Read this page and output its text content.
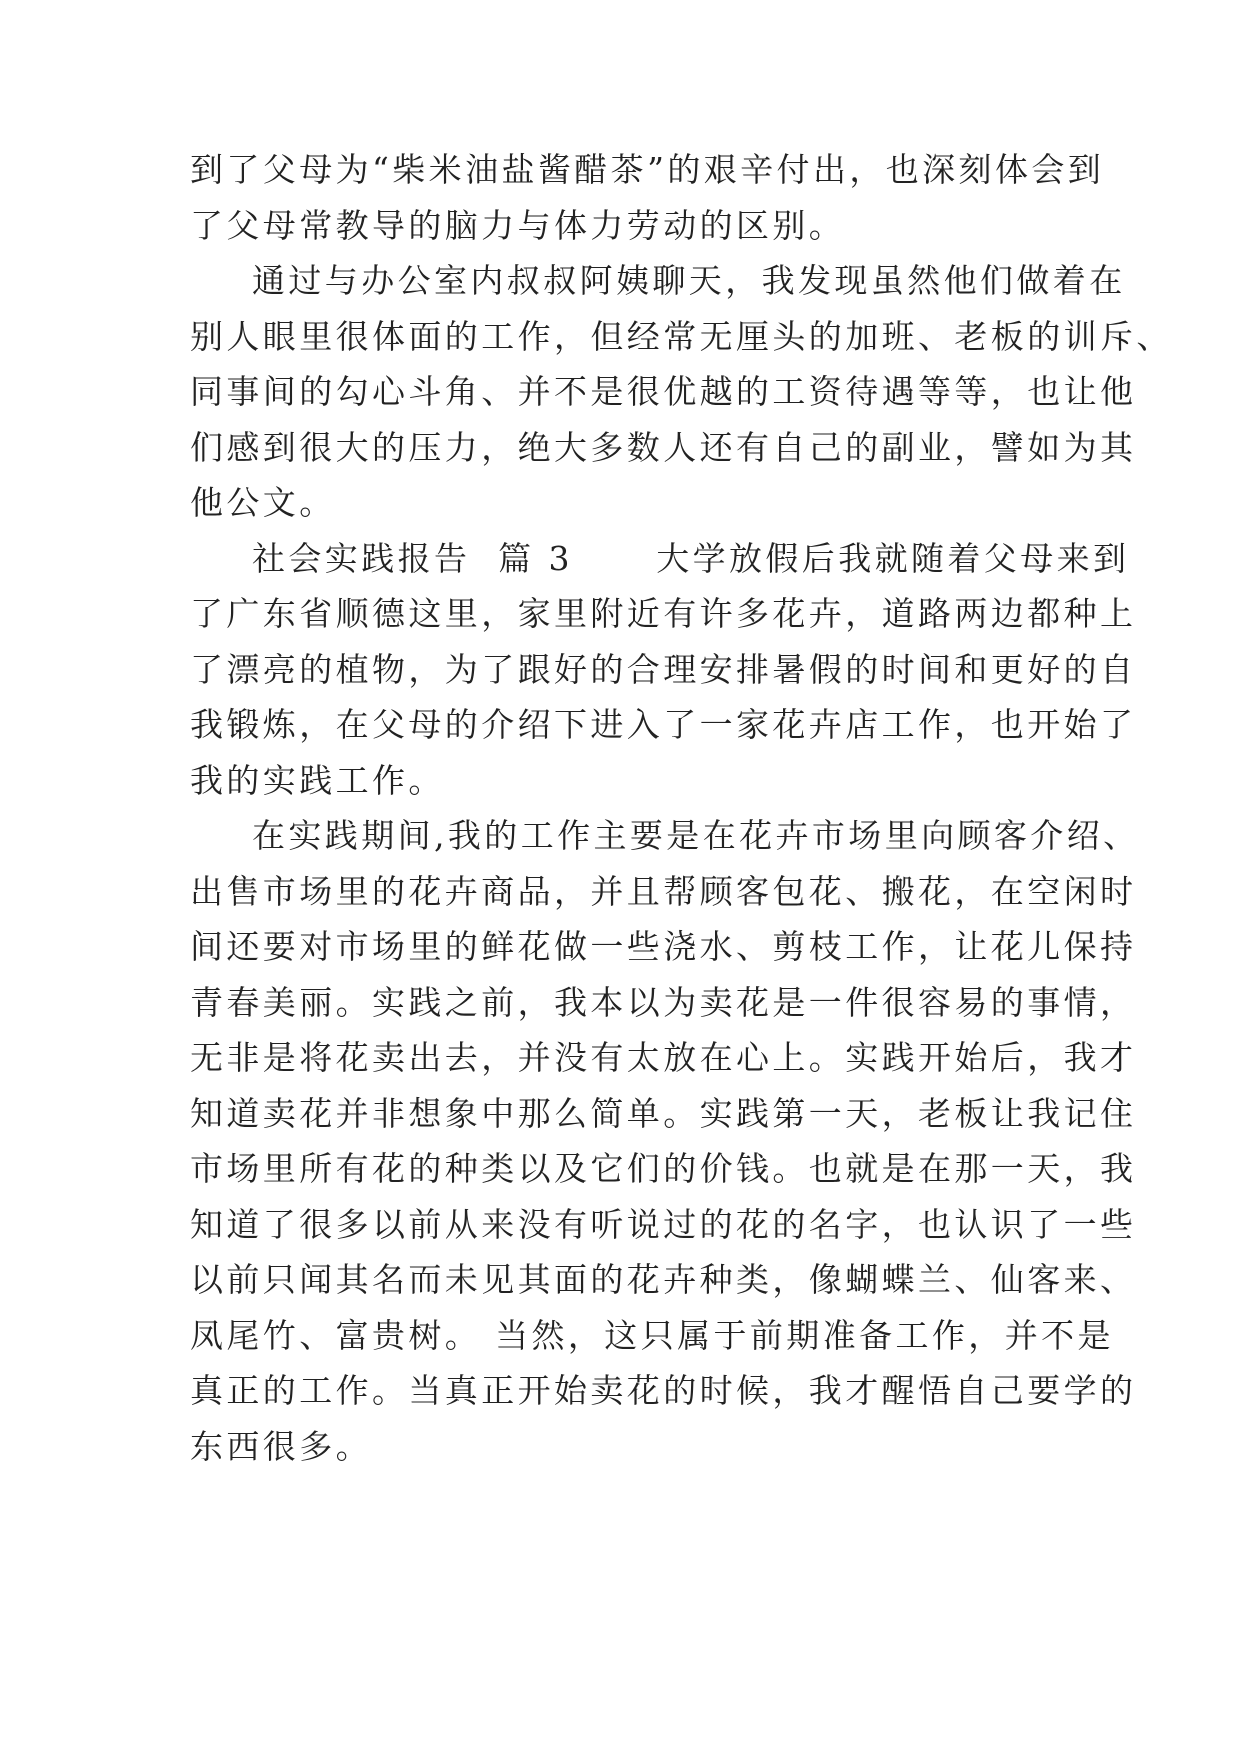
到了父母为“柴米油盐酱醋茶”的艰辛付出，也深刻体会到
了父母常教导的脑力与体力劳动的区别。
通过与办公室内叔叔阿姨聊天，我发现虽然他们做着在
别人眼里很体面的工作，但经常无厘头的加班、老板的训斥、
同事间的勾心斗角、并不是很优越的工资待遇等等，也让他
们感到很大的压力，绝大多数人还有自己的副业，譬如为其
他公文。
社会实践报告  篇 3      大学放假后我就随着父母来到
了广东省顺德这里，家里附近有许多花卉，道路两边都种上
了漂亮的植物，为了跟好的合理安排暑假的时间和更好的自
我锻炼，在父母的介绍下进入了一家花卉店工作，也开始了
我的实践工作。
在实践期间,我的工作主要是在花卉市场里向顾客介绍、
出售市场里的花卉商品，并且帮顾客包花、搬花，在空闲时
间还要对市场里的鲜花做一些浇水、剪枝工作，让花儿保持
青春美丽。实践之前，我本以为卖花是一件很容易的事情，
无非是将花卖出去，并没有太放在心上。实践开始后，我才
知道卖花并非想象中那么简单。实践第一天，老板让我记住
市场里所有花的种类以及它们的价钱。也就是在那一天，我
知道了很多以前从来没有听说过的花的名字，也认识了一些
以前只闻其名而未见其面的花卉种类，像蝴蝶兰、仙客来、
凤尾竹、富贵树。 当然，这只属于前期准备工作，并不是
真正的工作。当真正开始卖花的时候，我才醒悟自己要学的
东西很多。
